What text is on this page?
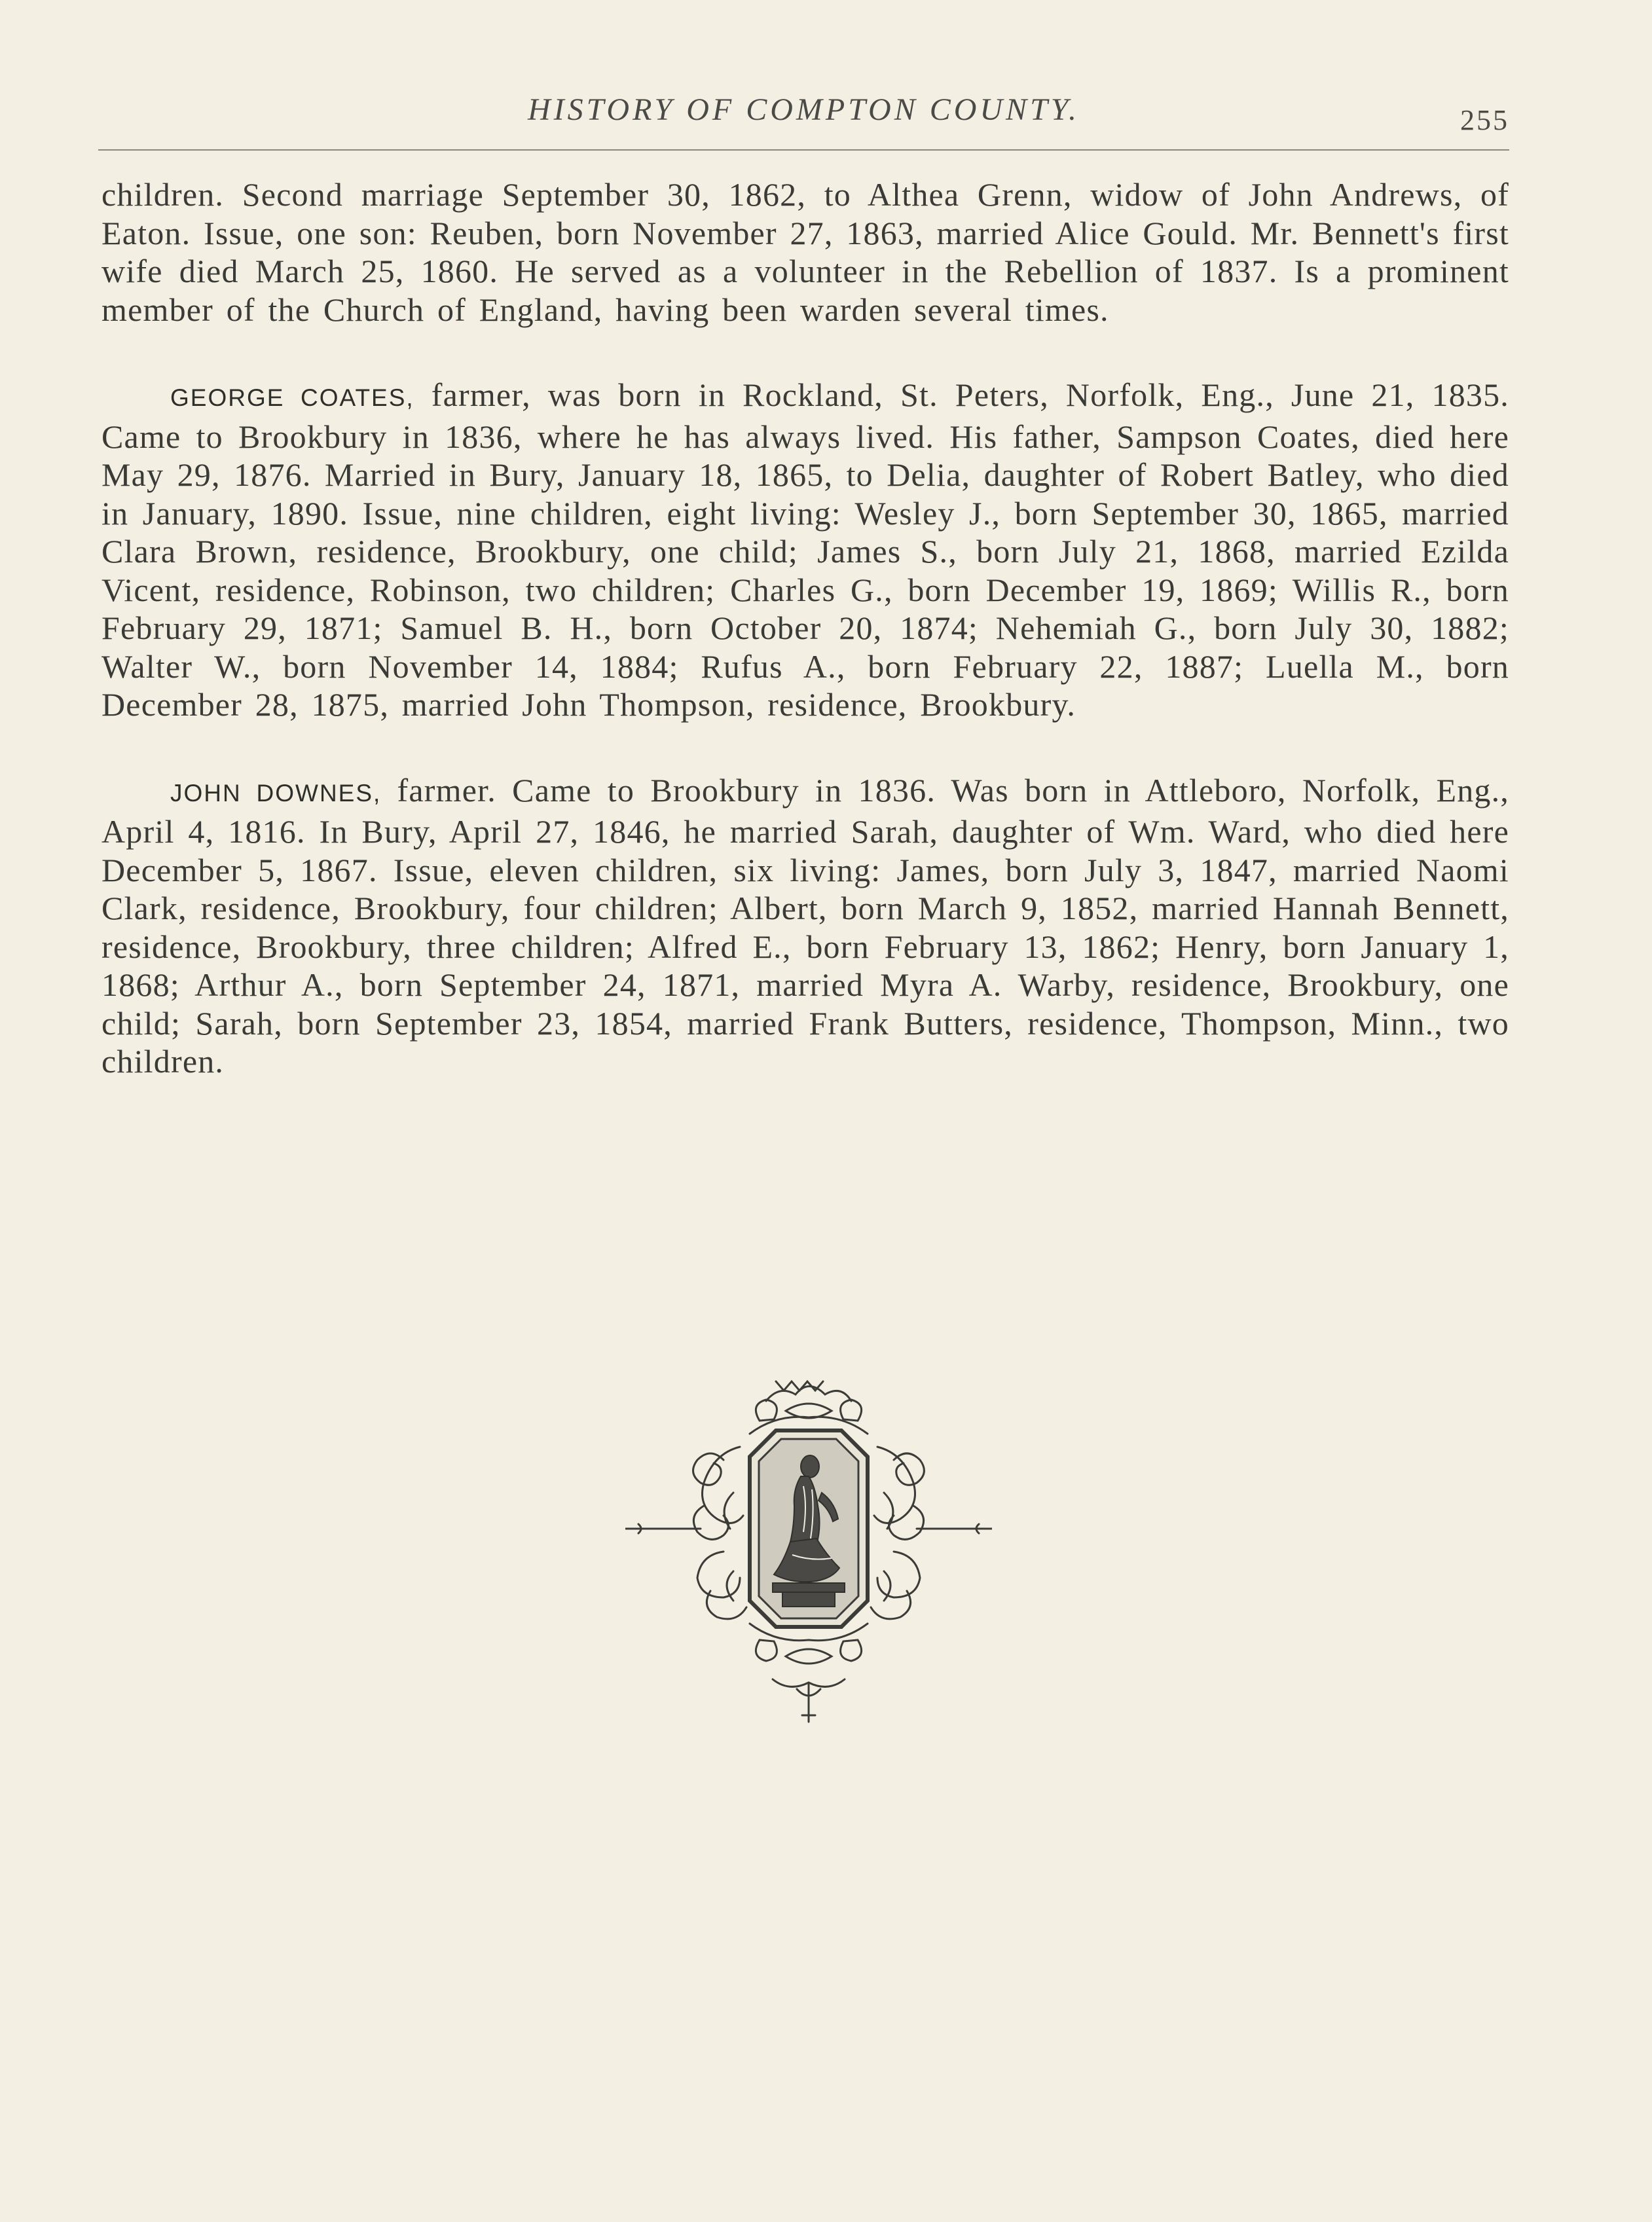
HISTORY OF COMPTON COUNTY.	255

children. Second marriage September 30, 1862, to Althea Grenn, widow of John Andrews, of Eaton. Issue, one son: Reuben, born November 27, 1863, married Alice Gould. Mr. Bennett's first wife died March 25, 1860. He served as a volunteer in the Rebellion of 1837. Is a prominent member of the Church of England, having been warden several times.

GEORGE COATES, farmer, was born in Rockland, St. Peters, Norfolk, Eng., June 21, 1835. Came to Brookbury in 1836, where he has always lived. His father, Sampson Coates, died here May 29, 1876. Married in Bury, January 18, 1865, to Delia, daughter of Robert Batley, who died in January, 1890. Issue, nine children, eight living: Wesley J., born September 30, 1865, married Clara Brown, residence, Brookbury, one child; James S., born July 21, 1868, married Ezilda Vicent, residence, Robinson, two children; Charles G., born December 19, 1869; Willis R., born February 29, 1871; Samuel B. H., born October 20, 1874; Nehemiah G., born July 30, 1882; Walter W., born November 14, 1884; Rufus A., born February 22, 1887; Luella M., born December 28, 1875, married John Thompson, residence, Brookbury.

JOHN DOWNES, farmer. Came to Brookbury in 1836. Was born in Attleboro, Norfolk, Eng., April 4, 1816. In Bury, April 27, 1846, he married Sarah, daughter of Wm. Ward, who died here December 5, 1867. Issue, eleven children, six living: James, born July 3, 1847, married Naomi Clark, residence, Brookbury, four children; Albert, born March 9, 1852, married Hannah Bennett, residence, Brookbury, three children; Alfred E., born February 13, 1862; Henry, born January 1, 1868; Arthur A., born September 24, 1871, married Myra A. Warby, residence, Brookbury, one child; Sarah, born September 23, 1854, married Frank Butters, residence, Thompson, Minn., two children.
